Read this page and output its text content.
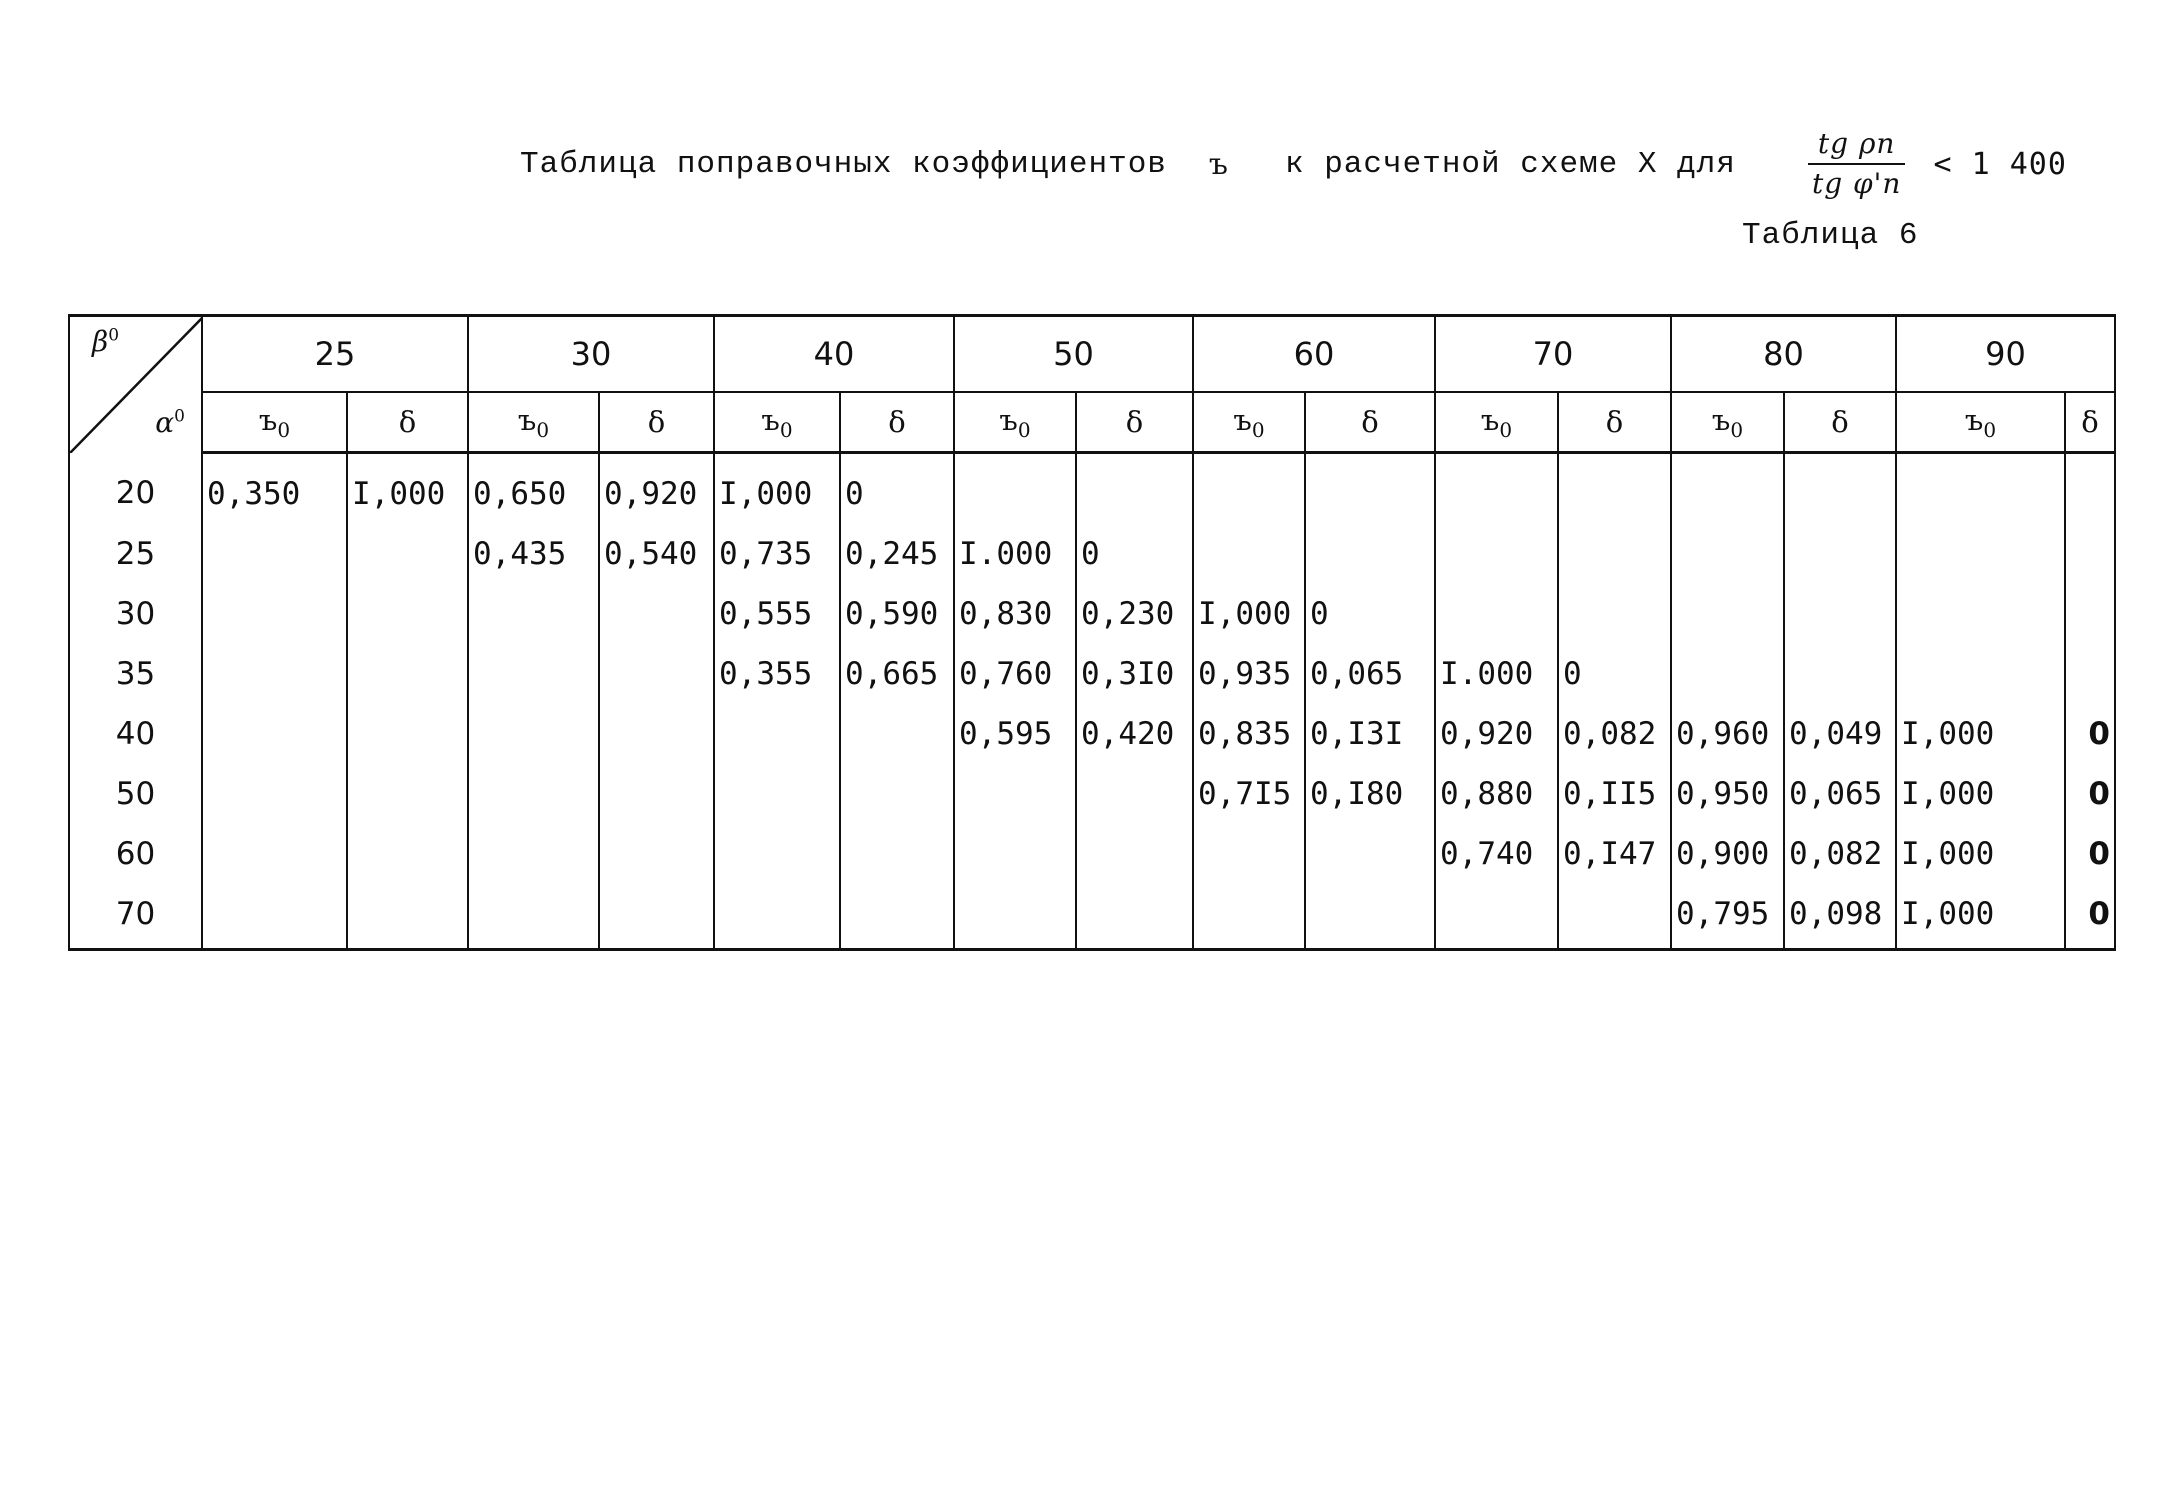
Таблица поправочных коэффициентов ъ к расчетной схеме X для	$\frac{\text{tg ρп}}{\text{tg φ'п}} < 1$ 400
Таблица 6
$\beta^0$
$\alpha^0$	25		30		40		50		60		70		80		90	
	$ъ_0$	δ	$ъ_0$	δ	$ъ_0$	δ	$ъ_0$	δ	$ъ_0$	δ	$ъ_0$	δ	$ъ_0$	δ	$ъ_0$	δ
20	0,350	I,000	0,650	0,920	I,000	0										
25			0,435	0,540	0,735	0,245	I.000	0								
30					0,555	0,590	0,830	0,230	I,000	0						
35					0,355	0,665	0,760	0,3I0	0,935	0,065	I.000	0				
40							0,595	0,420	0,835	0,I3I	0,920	0,082	0,960	0,049	I,000	0
50									0,7I5	0,I80	0,880	0,II5	0,950	0,065	I,000	0
60											0,740	0,I47	0,900	0,082	I,000	0
70													0,795	0,098	I,000	0
